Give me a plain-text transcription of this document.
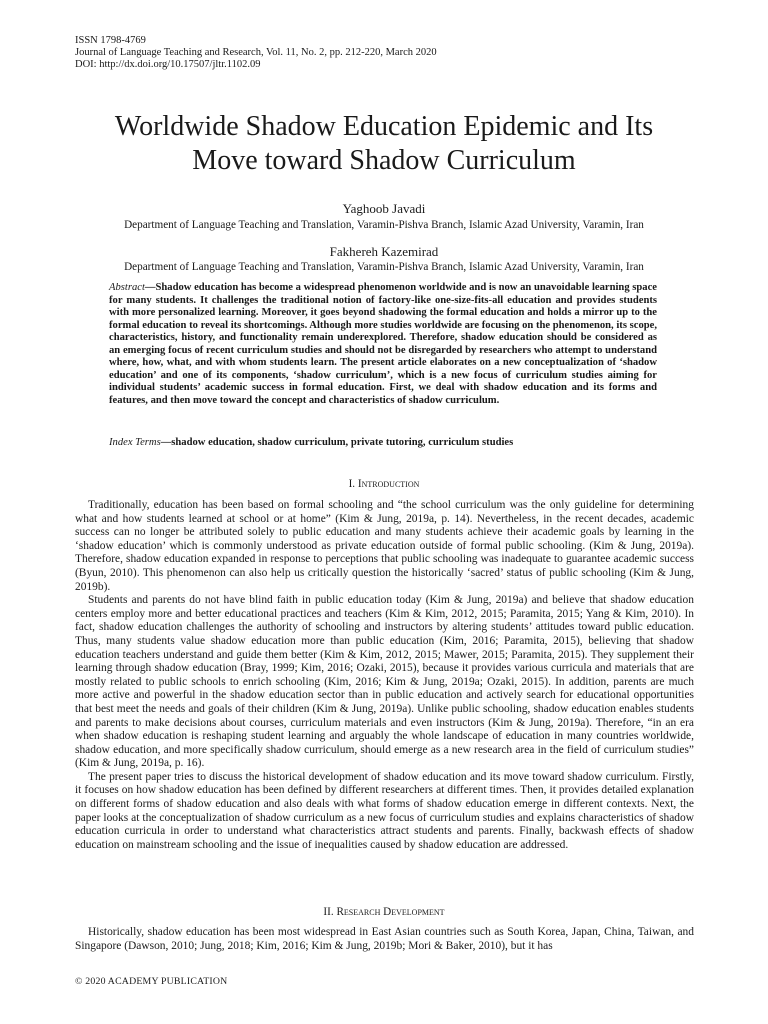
ISSN 1798-4769
Journal of Language Teaching and Research, Vol. 11, No. 2, pp. 212-220, March 2020
DOI: http://dx.doi.org/10.17507/jltr.1102.09
Worldwide Shadow Education Epidemic and Its
Move toward Shadow Curriculum
Yaghoob Javadi
Department of Language Teaching and Translation, Varamin-Pishva Branch, Islamic Azad University, Varamin, Iran
Fakhereh Kazemirad
Department of Language Teaching and Translation, Varamin-Pishva Branch, Islamic Azad University, Varamin, Iran
Abstract—Shadow education has become a widespread phenomenon worldwide and is now an unavoidable learning space for many students. It challenges the traditional notion of factory-like one-size-fits-all education and provides students with more personalized learning. Moreover, it goes beyond shadowing the formal education and holds a mirror up to the formal education to reveal its shortcomings. Although more studies worldwide are focusing on the phenomenon, its scope, characteristics, history, and functionality remain underexplored. Therefore, shadow education should be considered as an emerging focus of recent curriculum studies and should not be disregarded by researchers who attempt to understand where, how, what, and with whom students learn. The present article elaborates on a new conceptualization of ‘shadow education’ and one of its components, ‘shadow curriculum’, which is a new focus of curriculum studies aiming for individual students’ academic success in formal education. First, we deal with shadow education and its forms and features, and then move toward the concept and characteristics of shadow curriculum.
Index Terms—shadow education, shadow curriculum, private tutoring, curriculum studies
I. Introduction

Traditionally, education has been based on formal schooling and “the school curriculum was the only guideline for determining what and how students learned at school or at home” (Kim & Jung, 2019a, p. 14). Nevertheless, in the recent decades, academic success can no longer be attributed solely to public education and many students achieve their academic goals by learning in the ‘shadow education’ which is commonly understood as private education outside of formal public schooling. (Kim & Jung, 2019a). Therefore, shadow education expanded in response to perceptions that public schooling was inadequate to guarantee academic success (Byun, 2010). This phenomenon can also help us critically question the historically ‘sacred’ status of public schooling (Kim & Jung, 2019b).

Students and parents do not have blind faith in public education today (Kim & Jung, 2019a) and believe that shadow education centers employ more and better educational practices and teachers (Kim & Kim, 2012, 2015; Paramita, 2015; Yang & Kim, 2010). In fact, shadow education challenges the authority of schooling and instructors by altering students’ attitudes toward public education. Thus, many students value shadow education more than public education (Kim, 2016; Paramita, 2015), believing that shadow education teachers understand and guide them better (Kim & Kim, 2012, 2015; Mawer, 2015; Paramita, 2015). They supplement their learning through shadow education (Bray, 1999; Kim, 2016; Ozaki, 2015), because it provides various curricula and materials that are mostly related to public schools to enrich schooling (Kim, 2016; Kim & Jung, 2019a; Ozaki, 2015). In addition, parents are much more active and powerful in the shadow education sector than in public education and actively search for educational opportunities that best meet the needs and goals of their children (Kim & Jung, 2019a). Unlike public schooling, shadow education enables students and parents to make decisions about courses, curriculum materials and even instructors (Kim & Jung, 2019a). Therefore, “in an era when shadow education is reshaping student learning and arguably the whole landscape of education in many countries worldwide, shadow education, and more specifically shadow curriculum, should emerge as a new research area in the field of curriculum studies” (Kim & Jung, 2019a, p. 16).

The present paper tries to discuss the historical development of shadow education and its move toward shadow curriculum. Firstly, it focuses on how shadow education has been defined by different researchers at different times. Then, it provides detailed explanation on different forms of shadow education and also deals with what forms of shadow education emerge in different contexts. Next, the paper looks at the conceptualization of shadow curriculum as a new focus of curriculum studies and explains characteristics of shadow education curricula in order to understand what characteristics attract students and parents. Finally, backwash effects of shadow education on mainstream schooling and the issue of inequalities caused by shadow education are addressed.

II. Research Development

Historically, shadow education has been most widespread in East Asian countries such as South Korea, Japan, China, Taiwan, and Singapore (Dawson, 2010; Jung, 2018; Kim, 2016; Kim & Jung, 2019b; Mori & Baker, 2010), but it has

© 2020 ACADEMY PUBLICATION
